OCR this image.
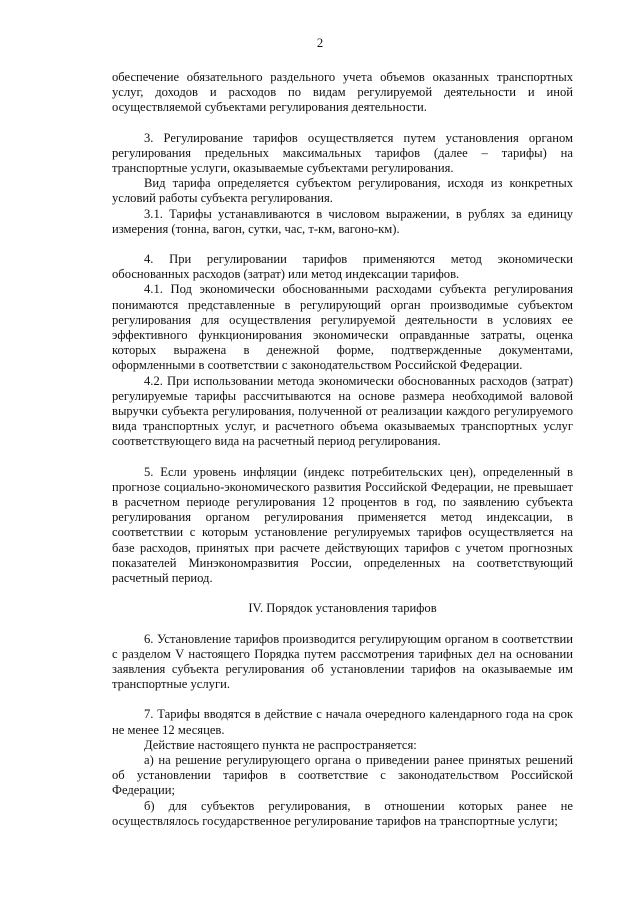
2

обеспечение обязательного раздельного учета объемов оказанных транспортных услуг, доходов и расходов по видам регулируемой деятельности и иной осуществляемой субъектами регулирования деятельности.

3. Регулирование тарифов осуществляется путем установления органом регулирования предельных максимальных тарифов (далее – тарифы) на транспортные услуги, оказываемые субъектами регулирования.

Вид тарифа определяется субъектом регулирования, исходя из конкретных условий работы субъекта регулирования.

3.1. Тарифы устанавливаются в числовом выражении, в рублях за единицу измерения (тонна, вагон, сутки, час, т-км, вагоно-км).

4. При регулировании тарифов применяются метод экономически обоснованных расходов (затрат) или метод индексации тарифов.

4.1. Под экономически обоснованными расходами субъекта регулирования понимаются представленные в регулирующий орган производимые субъектом регулирования для осуществления регулируемой деятельности в условиях ее эффективного функционирования экономически оправданные затраты, оценка которых выражена в денежной форме, подтвержденные документами, оформленными в соответствии с законодательством Российской Федерации.

4.2. При использовании метода экономически обоснованных расходов (затрат) регулируемые тарифы рассчитываются на основе размера необходимой валовой выручки субъекта регулирования, полученной от реализации каждого регулируемого вида транспортных услуг, и расчетного объема оказываемых транспортных услуг соответствующего вида на расчетный период регулирования.

5. Если уровень инфляции (индекс потребительских цен), определенный в прогнозе социально-экономического развития Российской Федерации, не превышает в расчетном периоде регулирования 12 процентов в год, по заявлению субъекта регулирования органом регулирования применяется метод индексации, в соответствии с которым установление регулируемых тарифов осуществляется на базе расходов, принятых при расчете действующих тарифов с учетом прогнозных показателей Минэкономразвития России, определенных на соответствующий расчетный период.

IV. Порядок установления тарифов

6. Установление тарифов производится регулирующим органом в соответствии с разделом V настоящего Порядка путем рассмотрения тарифных дел на основании заявления субъекта регулирования об установлении тарифов на оказываемые им транспортные услуги.

7. Тарифы вводятся в действие с начала очередного календарного года на срок не менее 12 месяцев.

Действие настоящего пункта не распространяется:

а) на решение регулирующего органа о приведении ранее принятых решений об установлении тарифов в соответствие с законодательством Российской Федерации;

б) для субъектов регулирования, в отношении которых ранее не осуществлялось государственное регулирование тарифов на транспортные услуги;
